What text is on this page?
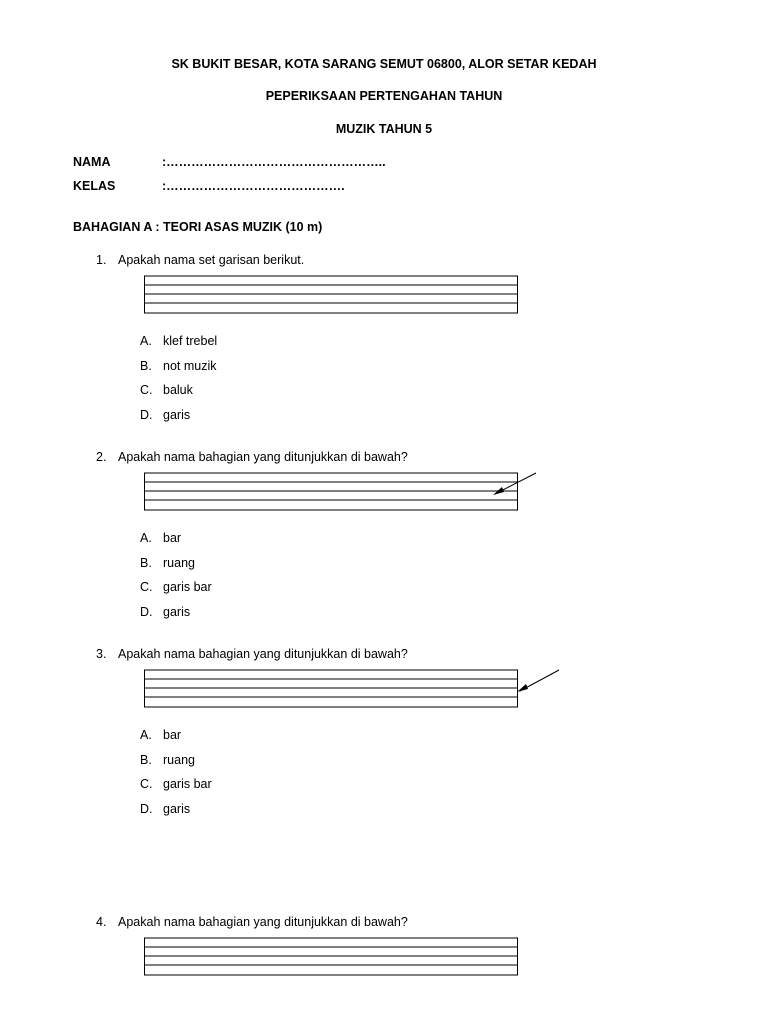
SK BUKIT BESAR, KOTA SARANG SEMUT 06800, ALOR SETAR KEDAH
PEPERIKSAAN PERTENGAHAN TAHUN
MUZIK TAHUN 5
NAMA	:……………………………………………..
KELAS	:…………………………………….
BAHAGIAN A : TEORI ASAS MUZIK (10 m)
1. Apakah nama set garisan berikut.
A. klef trebel
B. not muzik
C. baluk
D. garis
2. Apakah nama bahagian yang ditunjukkan di bawah?
A. bar
B. ruang
C. garis bar
D. garis
3. Apakah nama bahagian yang ditunjukkan di bawah?
A. bar
B. ruang
C. garis bar
D. garis
4. Apakah nama bahagian yang ditunjukkan di bawah?
